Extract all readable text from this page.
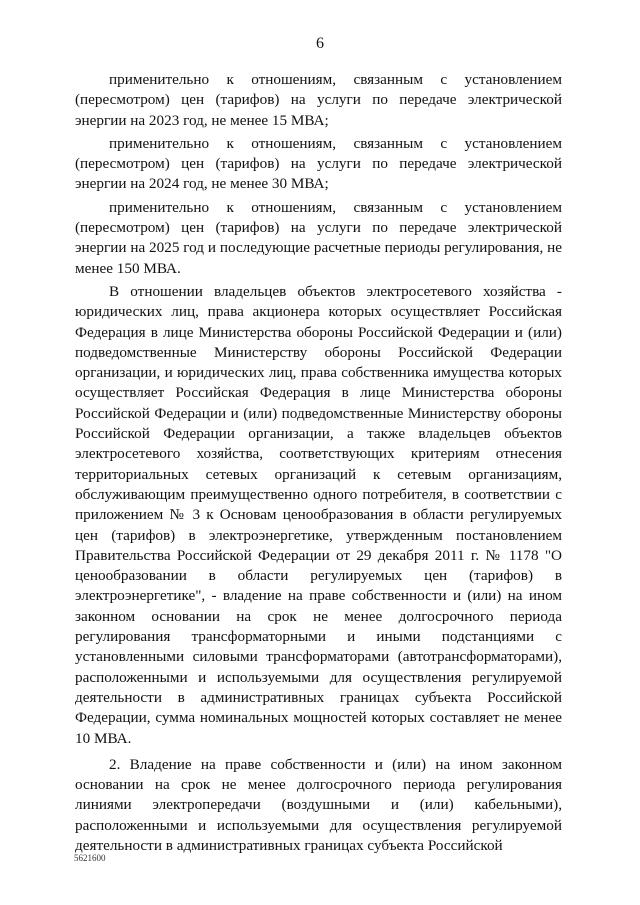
6

применительно к отношениям, связанным с установлением (пересмотром) цен (тарифов) на услуги по передаче электрической энергии на 2023 год, не менее 15 МВА;

применительно к отношениям, связанным с установлением (пересмотром) цен (тарифов) на услуги по передаче электрической энергии на 2024 год, не менее 30 МВА;

применительно к отношениям, связанным с установлением (пересмотром) цен (тарифов) на услуги по передаче электрической энергии на 2025 год и последующие расчетные периоды регулирования, не менее 150 МВА.

В отношении владельцев объектов электросетевого хозяйства - юридических лиц, права акционера которых осуществляет Российская Федерация в лице Министерства обороны Российской Федерации и (или) подведомственные Министерству обороны Российской Федерации организации, и юридических лиц, права собственника имущества которых осуществляет Российская Федерация в лице Министерства обороны Российской Федерации и (или) подведомственные Министерству обороны Российской Федерации организации, а также владельцев объектов электросетевого хозяйства, соответствующих критериям отнесения территориальных сетевых организаций к сетевым организациям, обслуживающим преимущественно одного потребителя, в соответствии с приложением № 3 к Основам ценообразования в области регулируемых цен (тарифов) в электроэнергетике, утвержденным постановлением Правительства Российской Федерации от 29 декабря 2011 г. № 1178 "О ценообразовании в области регулируемых цен (тарифов) в электроэнергетике", - владение на праве собственности и (или) на ином законном основании на срок не менее долгосрочного периода регулирования трансформаторными и иными подстанциями с установленными силовыми трансформаторами (автотрансформаторами), расположенными и используемыми для осуществления регулируемой деятельности в административных границах субъекта Российской Федерации, сумма номинальных мощностей которых составляет не менее 10 МВА.

2. Владение на праве собственности и (или) на ином законном основании на срок не менее долгосрочного периода регулирования линиями электропередачи (воздушными и (или) кабельными), расположенными и используемыми для осуществления регулируемой деятельности в административных границах субъекта Российской

5621600
